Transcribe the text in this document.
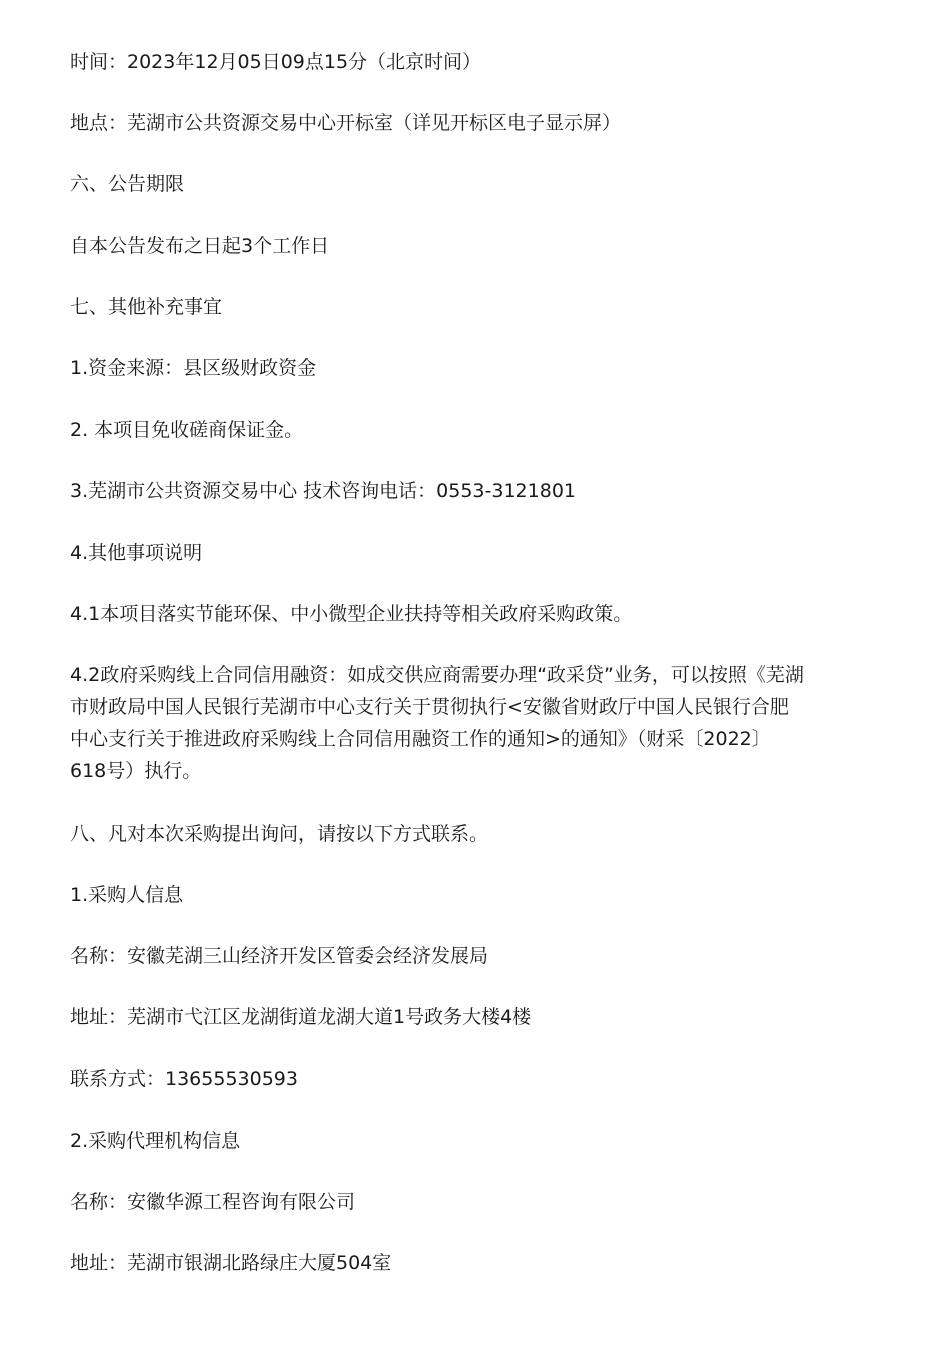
时间：2023年12月05日09点15分（北京时间）

地点：芜湖市公共资源交易中心开标室（详见开标区电子显示屏）

六、公告期限

自本公告发布之日起3个工作日

七、其他补充事宜

1.资金来源：县区级财政资金

2. 本项目免收磋商保证金。

3.芜湖市公共资源交易中心 技术咨询电话：0553-3121801

4.其他事项说明

4.1本项目落实节能环保、中小微型企业扶持等相关政府采购政策。

4.2政府采购线上合同信用融资：如成交供应商需要办理“政采贷”业务，可以按照《芜湖
市财政局中国人民银行芜湖市中心支行关于贯彻执行<安徽省财政厅中国人民银行合肥
中心支行关于推进政府采购线上合同信用融资工作的通知>的通知》（财采〔2022〕
618号）执行。

八、凡对本次采购提出询问，请按以下方式联系。

1.采购人信息

名称：安徽芜湖三山经济开发区管委会经济发展局

地址：芜湖市弋江区龙湖街道龙湖大道1号政务大楼4楼

联系方式：13655530593

2.采购代理机构信息

名称：安徽华源工程咨询有限公司

地址：芜湖市银湖北路绿庄大厦504室
